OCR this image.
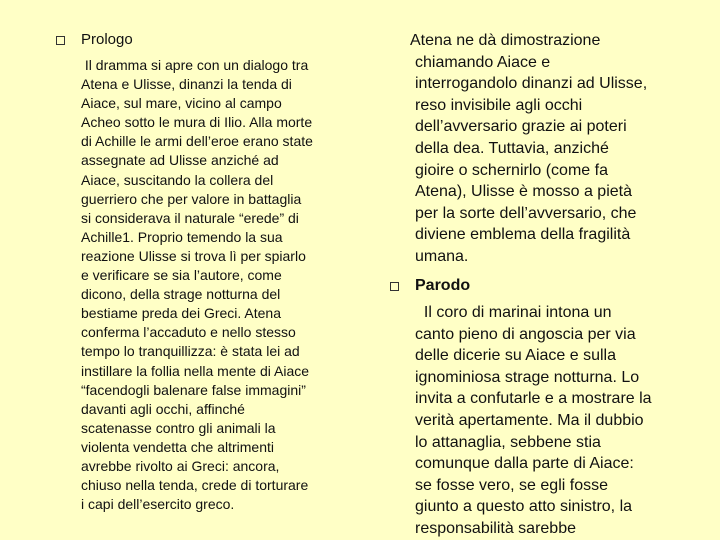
Prologo
Il dramma si apre con un dialogo tra
Atena e Ulisse, dinanzi la tenda di
Aiace, sul mare, vicino al campo
Acheo sotto le mura di Ilio. Alla morte
di Achille le armi dell’eroe erano state
assegnate ad Ulisse anziché ad
Aiace, suscitando la collera del
guerriero che per valore in battaglia
si considerava il naturale “erede” di
Achille1. Proprio temendo la sua
reazione Ulisse si trova lì per spiarlo
e verificare se sia l’autore, come
dicono, della strage notturna del
bestiame preda dei Greci. Atena
conferma l’accaduto e nello stesso
tempo lo tranquillizza: è stata lei ad
instillare la follia nella mente di Aiace
“facendogli balenare false immagini”
davanti agli occhi, affinché
scatenasse contro gli animali la
violenta vendetta che altrimenti
avrebbe rivolto ai Greci: ancora,
chiuso nella tenda, crede di torturare
i capi dell’esercito greco.
Atena ne dà dimostrazione
chiamando Aiace e
interrogandolo dinanzi ad Ulisse,
reso invisibile agli occhi
dell’avversario grazie ai poteri
della dea. Tuttavia, anziché
gioire o schernirlo (come fa
Atena), Ulisse è mosso a pietà
per la sorte dell’avversario, che
diviene emblema della fragilità
umana.
Parodo
Il coro di marinai intona un
canto pieno di angoscia per via
delle dicerie su Aiace e sulla
ignominiosa strage notturna. Lo
invita a confutarle e a mostrare la
verità apertamente. Ma il dubbio
lo attanaglia, sebbene stia
comunque dalla parte di Aiace:
se fosse vero, se egli fosse
giunto a questo atto sinistro, la
responsabilità sarebbe
